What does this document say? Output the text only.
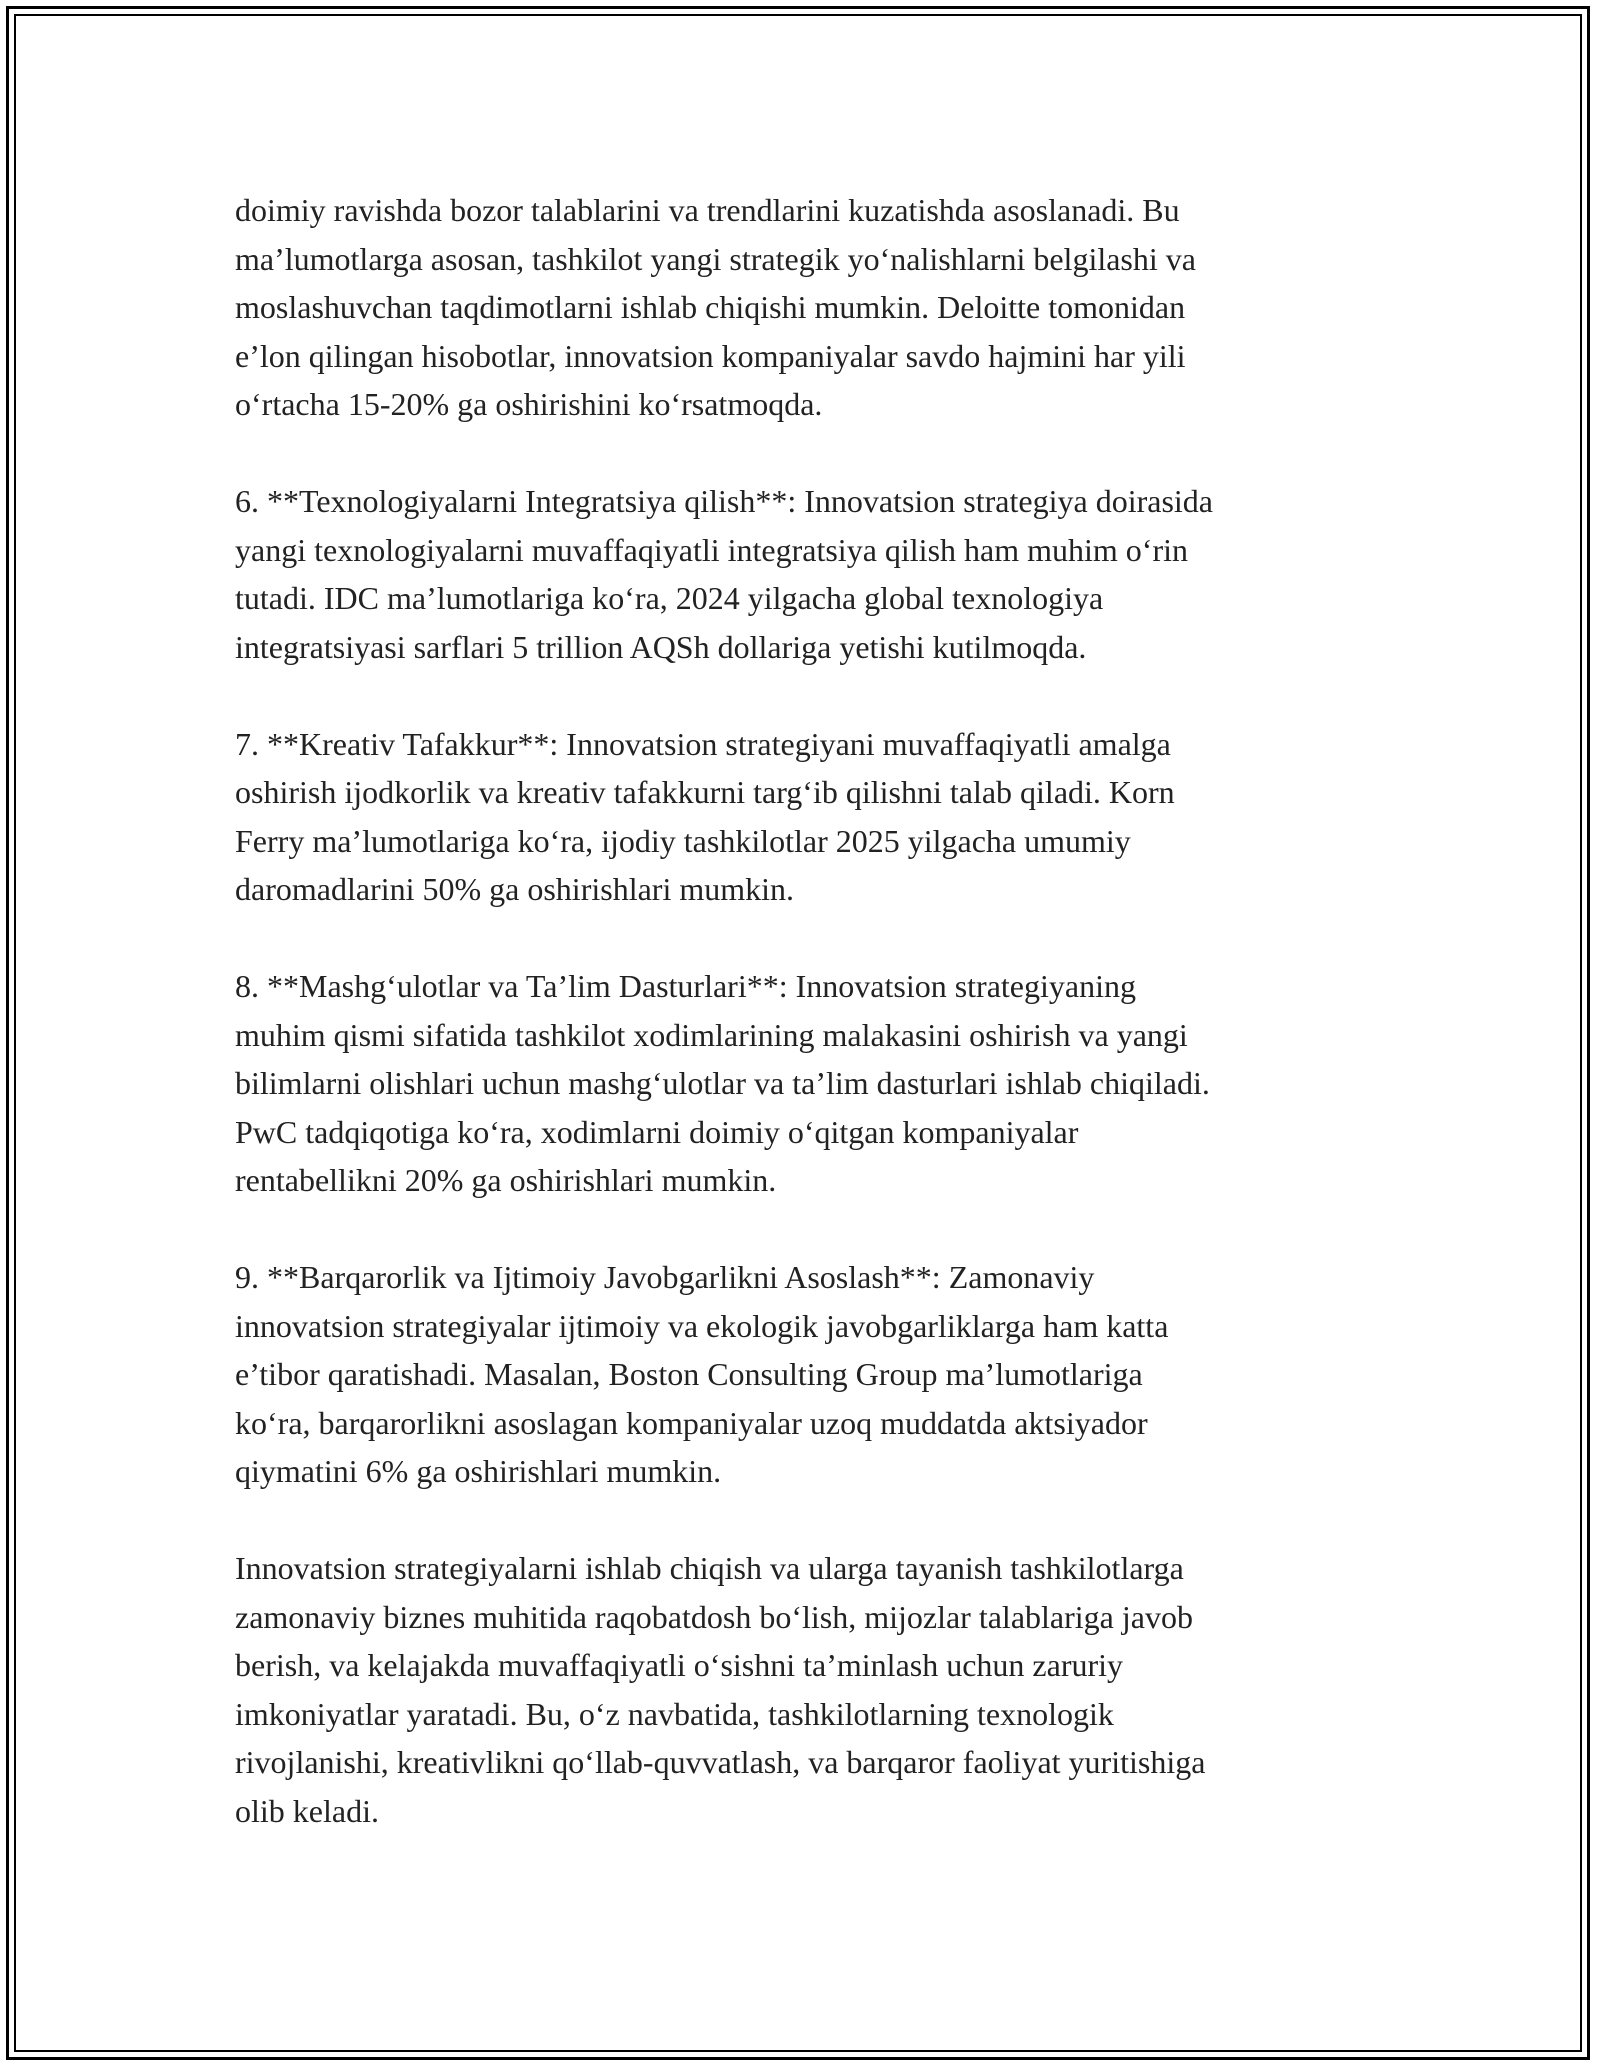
doimiy ravishda bozor talablarini va trendlarini kuzatishda asoslanadi. Bu
ma’lumotlarga asosan, tashkilot yangi strategik yo‘nalishlarni belgilashi va
moslashuvchan taqdimotlarni ishlab chiqishi mumkin. Deloitte tomonidan
e’lon qilingan hisobotlar, innovatsion kompaniyalar savdo hajmini har yili
o‘rtacha 15-20% ga oshirishini ko‘rsatmoqda.

6. **Texnologiyalarni Integratsiya qilish**: Innovatsion strategiya doirasida
yangi texnologiyalarni muvaffaqiyatli integratsiya qilish ham muhim o‘rin
tutadi. IDC ma’lumotlariga ko‘ra, 2024 yilgacha global texnologiya
integratsiyasi sarflari 5 trillion AQSh dollariga yetishi kutilmoqda.

7. **Kreativ Tafakkur**: Innovatsion strategiyani muvaffaqiyatli amalga
oshirish ijodkorlik va kreativ tafakkurni targ‘ib qilishni talab qiladi. Korn
Ferry ma’lumotlariga ko‘ra, ijodiy tashkilotlar 2025 yilgacha umumiy
daromadlarini 50% ga oshirishlari mumkin.

8. **Mashg‘ulotlar va Ta’lim Dasturlari**: Innovatsion strategiyaning
muhim qismi sifatida tashkilot xodimlarining malakasini oshirish va yangi
bilimlarni olishlari uchun mashg‘ulotlar va ta’lim dasturlari ishlab chiqiladi.
PwC tadqiqotiga ko‘ra, xodimlarni doimiy o‘qitgan kompaniyalar
rentabellikni 20% ga oshirishlari mumkin.

9. **Barqarorlik va Ijtimoiy Javobgarlikni Asoslash**: Zamonaviy
innovatsion strategiyalar ijtimoiy va ekologik javobgarliklarga ham katta
e’tibor qaratishadi. Masalan, Boston Consulting Group ma’lumotlariga
ko‘ra, barqarorlikni asoslagan kompaniyalar uzoq muddatda aktsiyador
qiymatini 6% ga oshirishlari mumkin.

Innovatsion strategiyalarni ishlab chiqish va ularga tayanish tashkilotlarga
zamonaviy biznes muhitida raqobatdosh bo‘lish, mijozlar talablariga javob
berish, va kelajakda muvaffaqiyatli o‘sishni ta’minlash uchun zaruriy
imkoniyatlar yaratadi. Bu, o‘z navbatida, tashkilotlarning texnologik
rivojlanishi, kreativlikni qo‘llab-quvvatlash, va barqaror faoliyat yuritishiga
olib keladi.
